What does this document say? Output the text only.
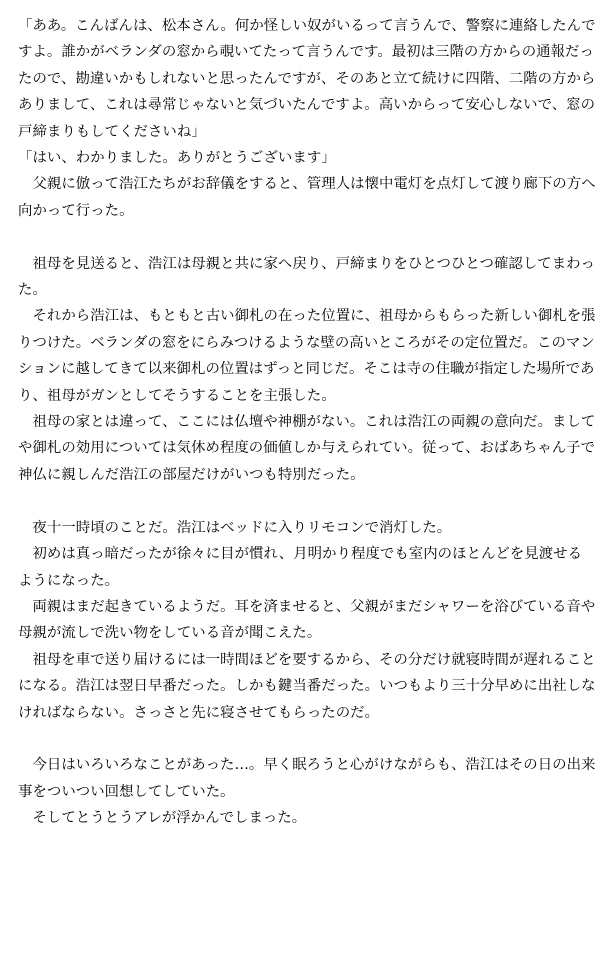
「ああ。こんばんは、松本さん。何か怪しい奴がいるって言うんで、警察に連絡したんですよ。誰かがベランダの窓から覗いてたって言うんです。最初は三階の方からの通報だったので、勘違いかもしれないと思ったんですが、そのあと立て続けに四階、二階の方からありまして、これは尋常じゃないと気づいたんですよ。高いからって安心しないで、窓の戸締まりもしてくださいね」

「はい、わかりました。ありがとうございます」

　父親に倣って浩江たちがお辞儀をすると、管理人は懐中電灯を点灯して渡り廊下の方へ向かって行った。

　祖母を見送ると、浩江は母親と共に家へ戻り、戸締まりをひとつひとつ確認してまわった。

　それから浩江は、もともと古い御札の在った位置に、祖母からもらった新しい御札を張りつけた。ベランダの窓をにらみつけるような壁の高いところがその定位置だ。このマンションに越してきて以来御札の位置はずっと同じだ。そこは寺の住職が指定した場所であり、祖母がガンとしてそうすることを主張した。

　祖母の家とは違って、ここには仏壇や神棚がない。これは浩江の両親の意向だ。ましてや御札の効用については気休め程度の価値しか与えられてい。従って、おばあちゃん子で神仏に親しんだ浩江の部屋だけがいつも特別だった。

　夜十一時頃のことだ。浩江はベッドに入りリモコンで消灯した。

　初めは真っ暗だったが徐々に目が慣れ、月明かり程度でも室内のほとんどを見渡せるようになった。

　両親はまだ起きているようだ。耳を済ませると、父親がまだシャワーを浴びている音や母親が流しで洗い物をしている音が聞こえた。

　祖母を車で送り届けるには一時間ほどを要するから、その分だけ就寝時間が遅れることになる。浩江は翌日早番だった。しかも鍵当番だった。いつもより三十分早めに出社しなければならない。さっさと先に寝させてもらったのだ。

　今日はいろいろなことがあった…。早く眠ろうと心がけながらも、浩江はその日の出来事をついつい回想してしていた。

　そしてとうとうアレが浮かんでしまった。
